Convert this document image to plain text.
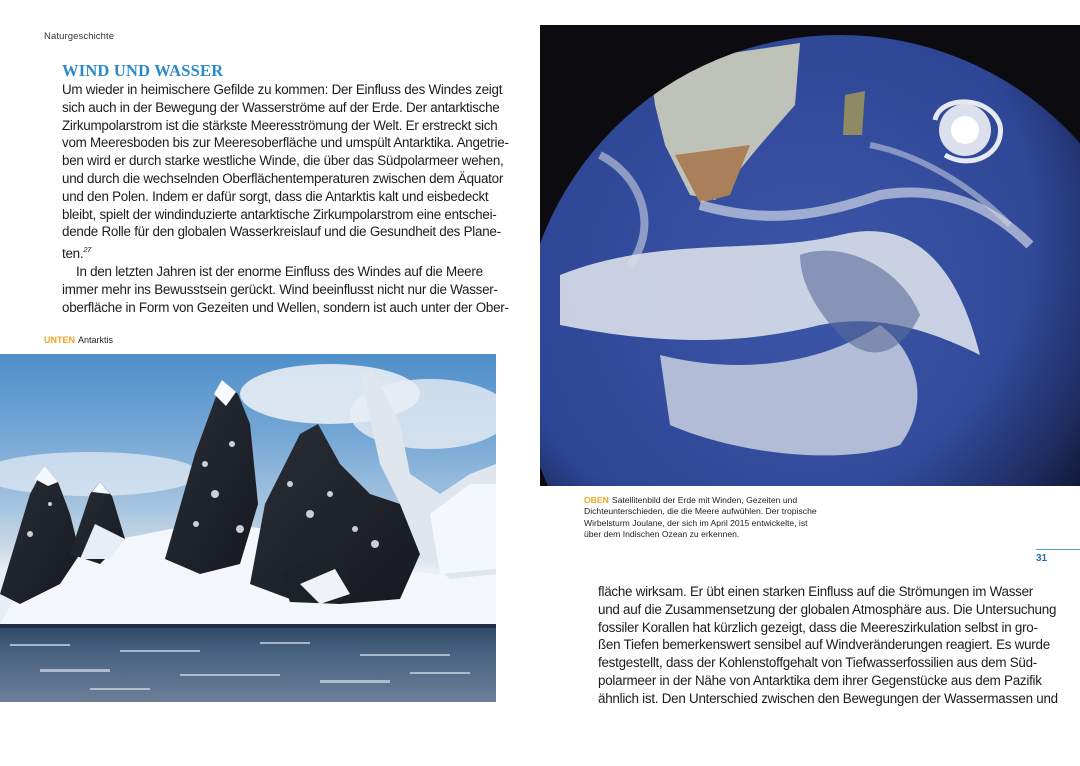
Naturgeschichte
WIND UND WASSER
Um wieder in heimischere Gefilde zu kommen: Der Einfluss des Windes zeigt
sich auch in der Bewegung der Wasserströme auf der Erde. Der antarktische
Zirkumpolarstrom ist die stärkste Meeresströmung der Welt. Er erstreckt sich
vom Meeresboden bis zur Meeresoberfläche und umspült Antarktika. Angetrie-
ben wird er durch starke westliche Winde, die über das Südpolarmeer wehen,
und durch die wechselnden Oberflächentemperaturen zwischen dem Äquator
und den Polen. Indem er dafür sorgt, dass die Antarktis kalt und eisbedeckt
bleibt, spielt der windinduzierte antarktische Zirkumpolarstrom eine entschei-
dende Rolle für den globalen Wasserkreislauf und die Gesundheit des Plane-
ten.$^{27}$
In den letzten Jahren ist der enorme Einfluss des Windes auf die Meere
immer mehr ins Bewusstsein gerückt. Wind beeinflusst nicht nur die Wasser-
oberfläche in Form von Gezeiten und Wellen, sondern ist auch unter der Ober-
UNTEN Antarktis
OBEN Satellitenbild der Erde mit Winden, Gezeiten und
Dichteunterschieden, die die Meere aufwühlen. Der tropische
Wirbelsturm Joulane, der sich im April 2015 entwickelte, ist
über dem Indischen Ozean zu erkennen.
31
fläche wirksam. Er übt einen starken Einfluss auf die Strömungen im Wasser
und auf die Zusammensetzung der globalen Atmosphäre aus. Die Untersuchung
fossiler Korallen hat kürzlich gezeigt, dass die Meereszirkulation selbst in gro-
ßen Tiefen bemerkenswert sensibel auf Windveränderungen reagiert. Es wurde
festgestellt, dass der Kohlenstoffgehalt von Tiefwasserfossilien aus dem Süd-
polarmeer in der Nähe von Antarktika dem ihrer Gegenstücke aus dem Pazifik
ähnlich ist. Den Unterschied zwischen den Bewegungen der Wassermassen und
